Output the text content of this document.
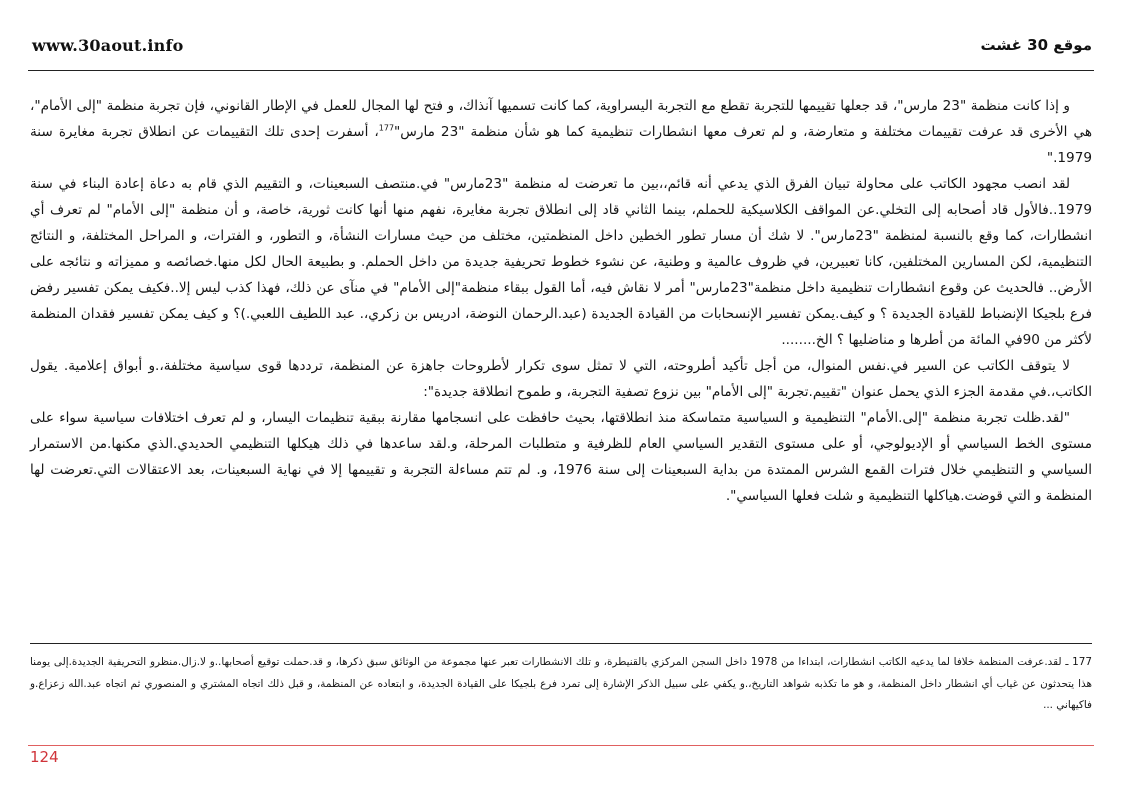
www.30aout.info	موقع 30 غشت

و إذا كانت منظمة "23 مارس"، قد جعلها تقييمها للتجربة تقطع مع التجربة اليسراوية، كما كانت تسميها آنذاك، و فتح لها المجال للعمل في الإطار القانوني، فإن تجربة منظمة "إلى الأمام"، هي الأخرى قد عرفت تقييمات مختلفة و متعارضة، و لم تعرف معها انشطارات تنظيمية كما هو شأن منظمة "23 مارس"$^{177}$، أسفرت إحدى تلك التقييمات عن انطلاق تجربة مغايرة سنة 1979."

لقد انصب مجهود الكاتب على محاولة تبيان الفرق الذي يدعي أنه قائم،،بين ما تعرضت له منظمة "23مارس" في.منتصف السبعينات، و التقييم الذي قام به دعاة إعادة البناء في سنة 1979..فالأول قاد أصحابه إلى التخلي.عن المواقف الكلاسيكية للحملم، بينما الثاني قاد إلى انطلاق تجربة مغايرة، نفهم منها أنها كانت ثورية، خاصة، و أن منظمة "إلى الأمام" لم تعرف أي انشطارات، كما وقع بالنسبة لمنظمة "23مارس". لا شك أن مسار تطور الخطين داخل المنظمتين، مختلف من حيث مسارات النشأة، و التطور، و الفترات، و المراحل المختلفة، و النتائج التنظيمية، لكن المسارين المختلفين، كانا تعبيرين، في ظروف عالمية و وطنية، عن نشوء خطوط تحريفية جديدة من داخل الحملم. و بطبيعة الحال لكل منها.خصائصه و مميزاته و نتائجه على الأرض.. فالحديث عن وقوع انشطارات تنظيمية داخل منظمة"23مارس" أمر لا نقاش فيه، أما القول ببقاء منظمة"إلى الأمام" في منآى عن ذلك، فهذا كذب ليس إلا..فكيف يمكن تفسير رفض فرع بلجيكا الإنضباط للقيادة الجديدة ؟ و كيف.يمكن تفسير الإنسحابات من القيادة الجديدة (عبد.الرحمان النوضة، ادريس بن زكري،. عبد اللطيف اللعبي.)؟ و كيف يمكن تفسير فقدان المنظمة لأكثر من 90في المائة من أطرها و مناضليها ؟ الخ........

لا يتوقف الكاتب عن السير في.نفس المنوال، من أجل تأكيد أطروحته، التي لا تمثل سوى تكرار لأطروحات جاهزة عن المنظمة، ترددها قوى سياسية مختلفة،.و أبواق إعلامية. يقول الكاتب،.في مقدمة الجزء الذي يحمل عنوان "تقييم.تجربة "إلى الأمام" بين نزوع تصفية التجربة، و طموح انطلاقة جديدة":

"لقد.ظلت تجربة منظمة "إلى.الأمام" التنظيمية و السياسية متماسكة منذ انطلاقتها، بحيث حافظت على انسجامها مقارنة ببقية تنظيمات اليسار، و لم تعرف اختلافات سياسية سواء على مستوى الخط السياسي أو الإديولوجي، أو على مستوى التقدير السياسي العام للظرفية و متطلبات المرحلة، و.لقد ساعدها في ذلك هيكلها التنظيمي الحديدي.الذي مكنها.من الاستمرار السياسي و التنظيمي خلال فترات القمع الشرس الممتدة من بداية السبعينات إلى سنة 1976، و. لم تتم مساءلة التجربة و تقييمها إلا في نهاية السبعينات، بعد الاعتقالات التي.تعرضت لها المنظمة و التي قوضت.هياكلها التنظيمية و شلت فعلها السياسي".

177 ـ لقد.عرفت المنظمة خلافا لما يدعيه الكاتب انشطارات، ابتداءا من 1978 داخل السجن المركزي بالقنيطرة، و تلك الانشطارات تعبر عنها مجموعة من الوثائق سبق ذكرها، و قد.حملت توقيع أصحابها..و لا.زال.منظرو التحريفية الجديدة.إلى يومنا هذا يتحدثون عن غياب أي انشطار داخل المنظمة، و هو ما تكذبه شواهد التاريخ،.و يكفي على سبيل الذكر الإشارة إلى تمرد فرع بلجيكا على القيادة الجديدة، و ابتعاده عن المنظمة، و قبل ذلك اتجاه المشتري و المنصوري ثم اتجاه عبد.الله زعزاع.و فاكيهاني ...
124
